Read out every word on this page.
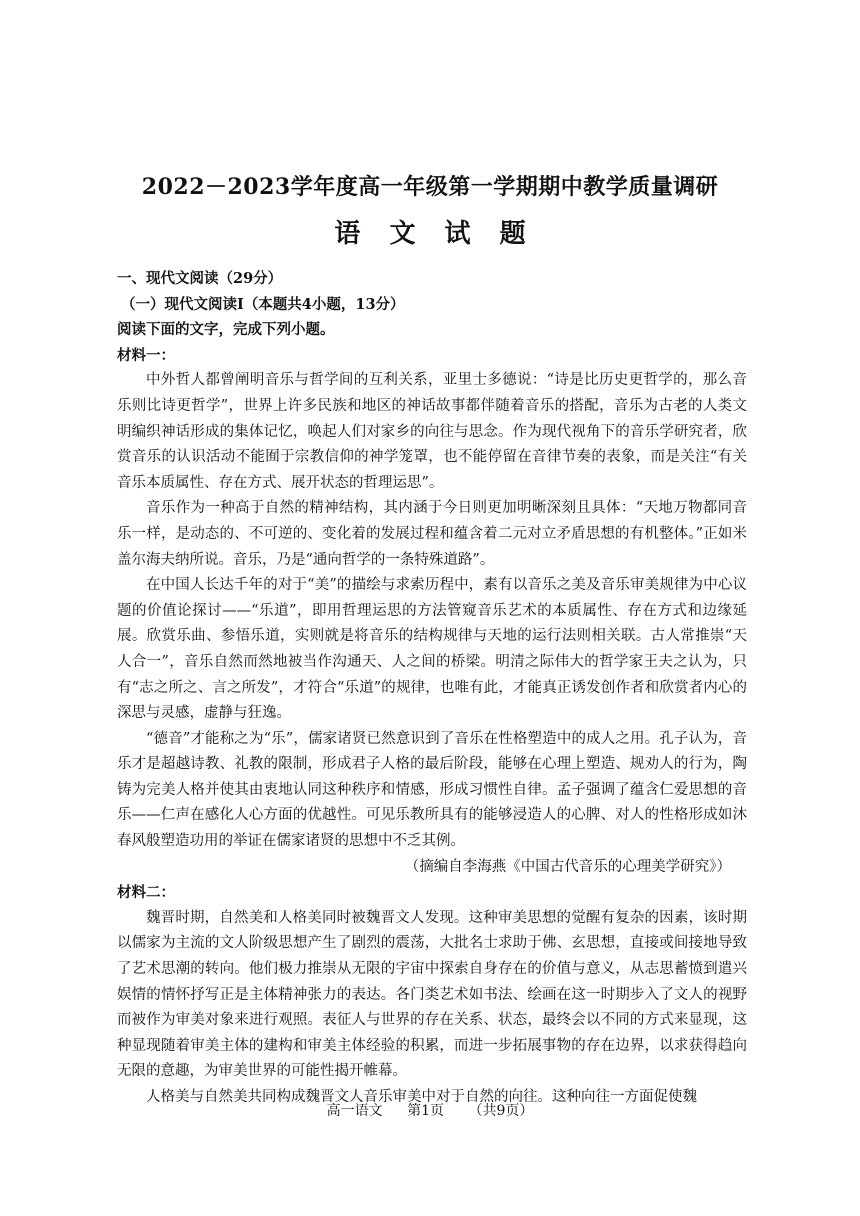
2022－2023学年度高一年级第一学期期中教学质量调研
语 文 试 题

一、现代文阅读（29分）

（一）现代文阅读Ⅰ（本题共4小题，13分）

阅读下面的文字，完成下列小题。

材料一：

中外哲人都曾阐明音乐与哲学间的互利关系，亚里士多德说：“诗是比历史更哲学的，那么音乐则比诗更哲学”，世界上许多民族和地区的神话故事都伴随着音乐的搭配，音乐为古老的人类文明编织神话形成的集体记忆，唤起人们对家乡的向往与思念。作为现代视角下的音乐学研究者，欣赏音乐的认识活动不能囿于宗教信仰的神学笼罩，也不能停留在音律节奏的表象，而是关注“有关音乐本质属性、存在方式、展开状态的哲理运思”。

音乐作为一种高于自然的精神结构，其内涵于今日则更加明晰深刻且具体：“天地万物都同音乐一样，是动态的、不可逆的、变化着的发展过程和蕴含着二元对立矛盾思想的有机整体。”正如米盖尔海夫纳所说。音乐，乃是“通向哲学的一条特殊道路”。

在中国人长达千年的对于“美”的描绘与求索历程中，素有以音乐之美及音乐审美规律为中心议题的价值论探讨——“乐道”，即用哲理运思的方法管窥音乐艺术的本质属性、存在方式和边缘延展。欣赏乐曲、参悟乐道，实则就是将音乐的结构规律与天地的运行法则相关联。古人常推崇“天人合一”，音乐自然而然地被当作沟通天、人之间的桥梁。明清之际伟大的哲学家王夫之认为，只有“志之所之、言之所发”，才符合“乐道”的规律，也唯有此，才能真正诱发创作者和欣赏者内心的深思与灵感，虚静与狂逸。

“德音”才能称之为“乐”，儒家诸贤已然意识到了音乐在性格塑造中的成人之用。孔子认为，音乐才是超越诗教、礼教的限制，形成君子人格的最后阶段，能够在心理上塑造、规劝人的行为，陶铸为完美人格并使其由衷地认同这种秩序和情感，形成习惯性自律。孟子强调了蕴含仁爱思想的音乐——仁声在感化人心方面的优越性。可见乐教所具有的能够浸造人的心脾、对人的性格形成如沐春风般塑造功用的举证在儒家诸贤的思想中不乏其例。

（摘编自李海燕《中国古代音乐的心理美学研究》）

材料二：

魏晋时期，自然美和人格美同时被魏晋文人发现。这种审美思想的觉醒有复杂的因素，该时期以儒家为主流的文人阶级思想产生了剧烈的震荡，大批名士求助于佛、玄思想，直接或间接地导致了艺术思潮的转向。他们极力推崇从无限的宇宙中探索自身存在的价值与意义，从志思蓄愤到遣兴娱情的情怀抒写正是主体精神张力的表达。各门类艺术如书法、绘画在这一时期步入了文人的视野而被作为审美对象来进行观照。表征人与世界的存在关系、状态，最终会以不同的方式来显现，这种显现随着审美主体的建构和审美主体经验的积累，而进一步拓展事物的存在边界，以求获得趋向无限的意趣，为审美世界的可能性揭开帷幕。

人格美与自然美共同构成魏晋文人音乐审美中对于自然的向往。这种向往一方面促使魏

高一语文 第1页 （共9页）
